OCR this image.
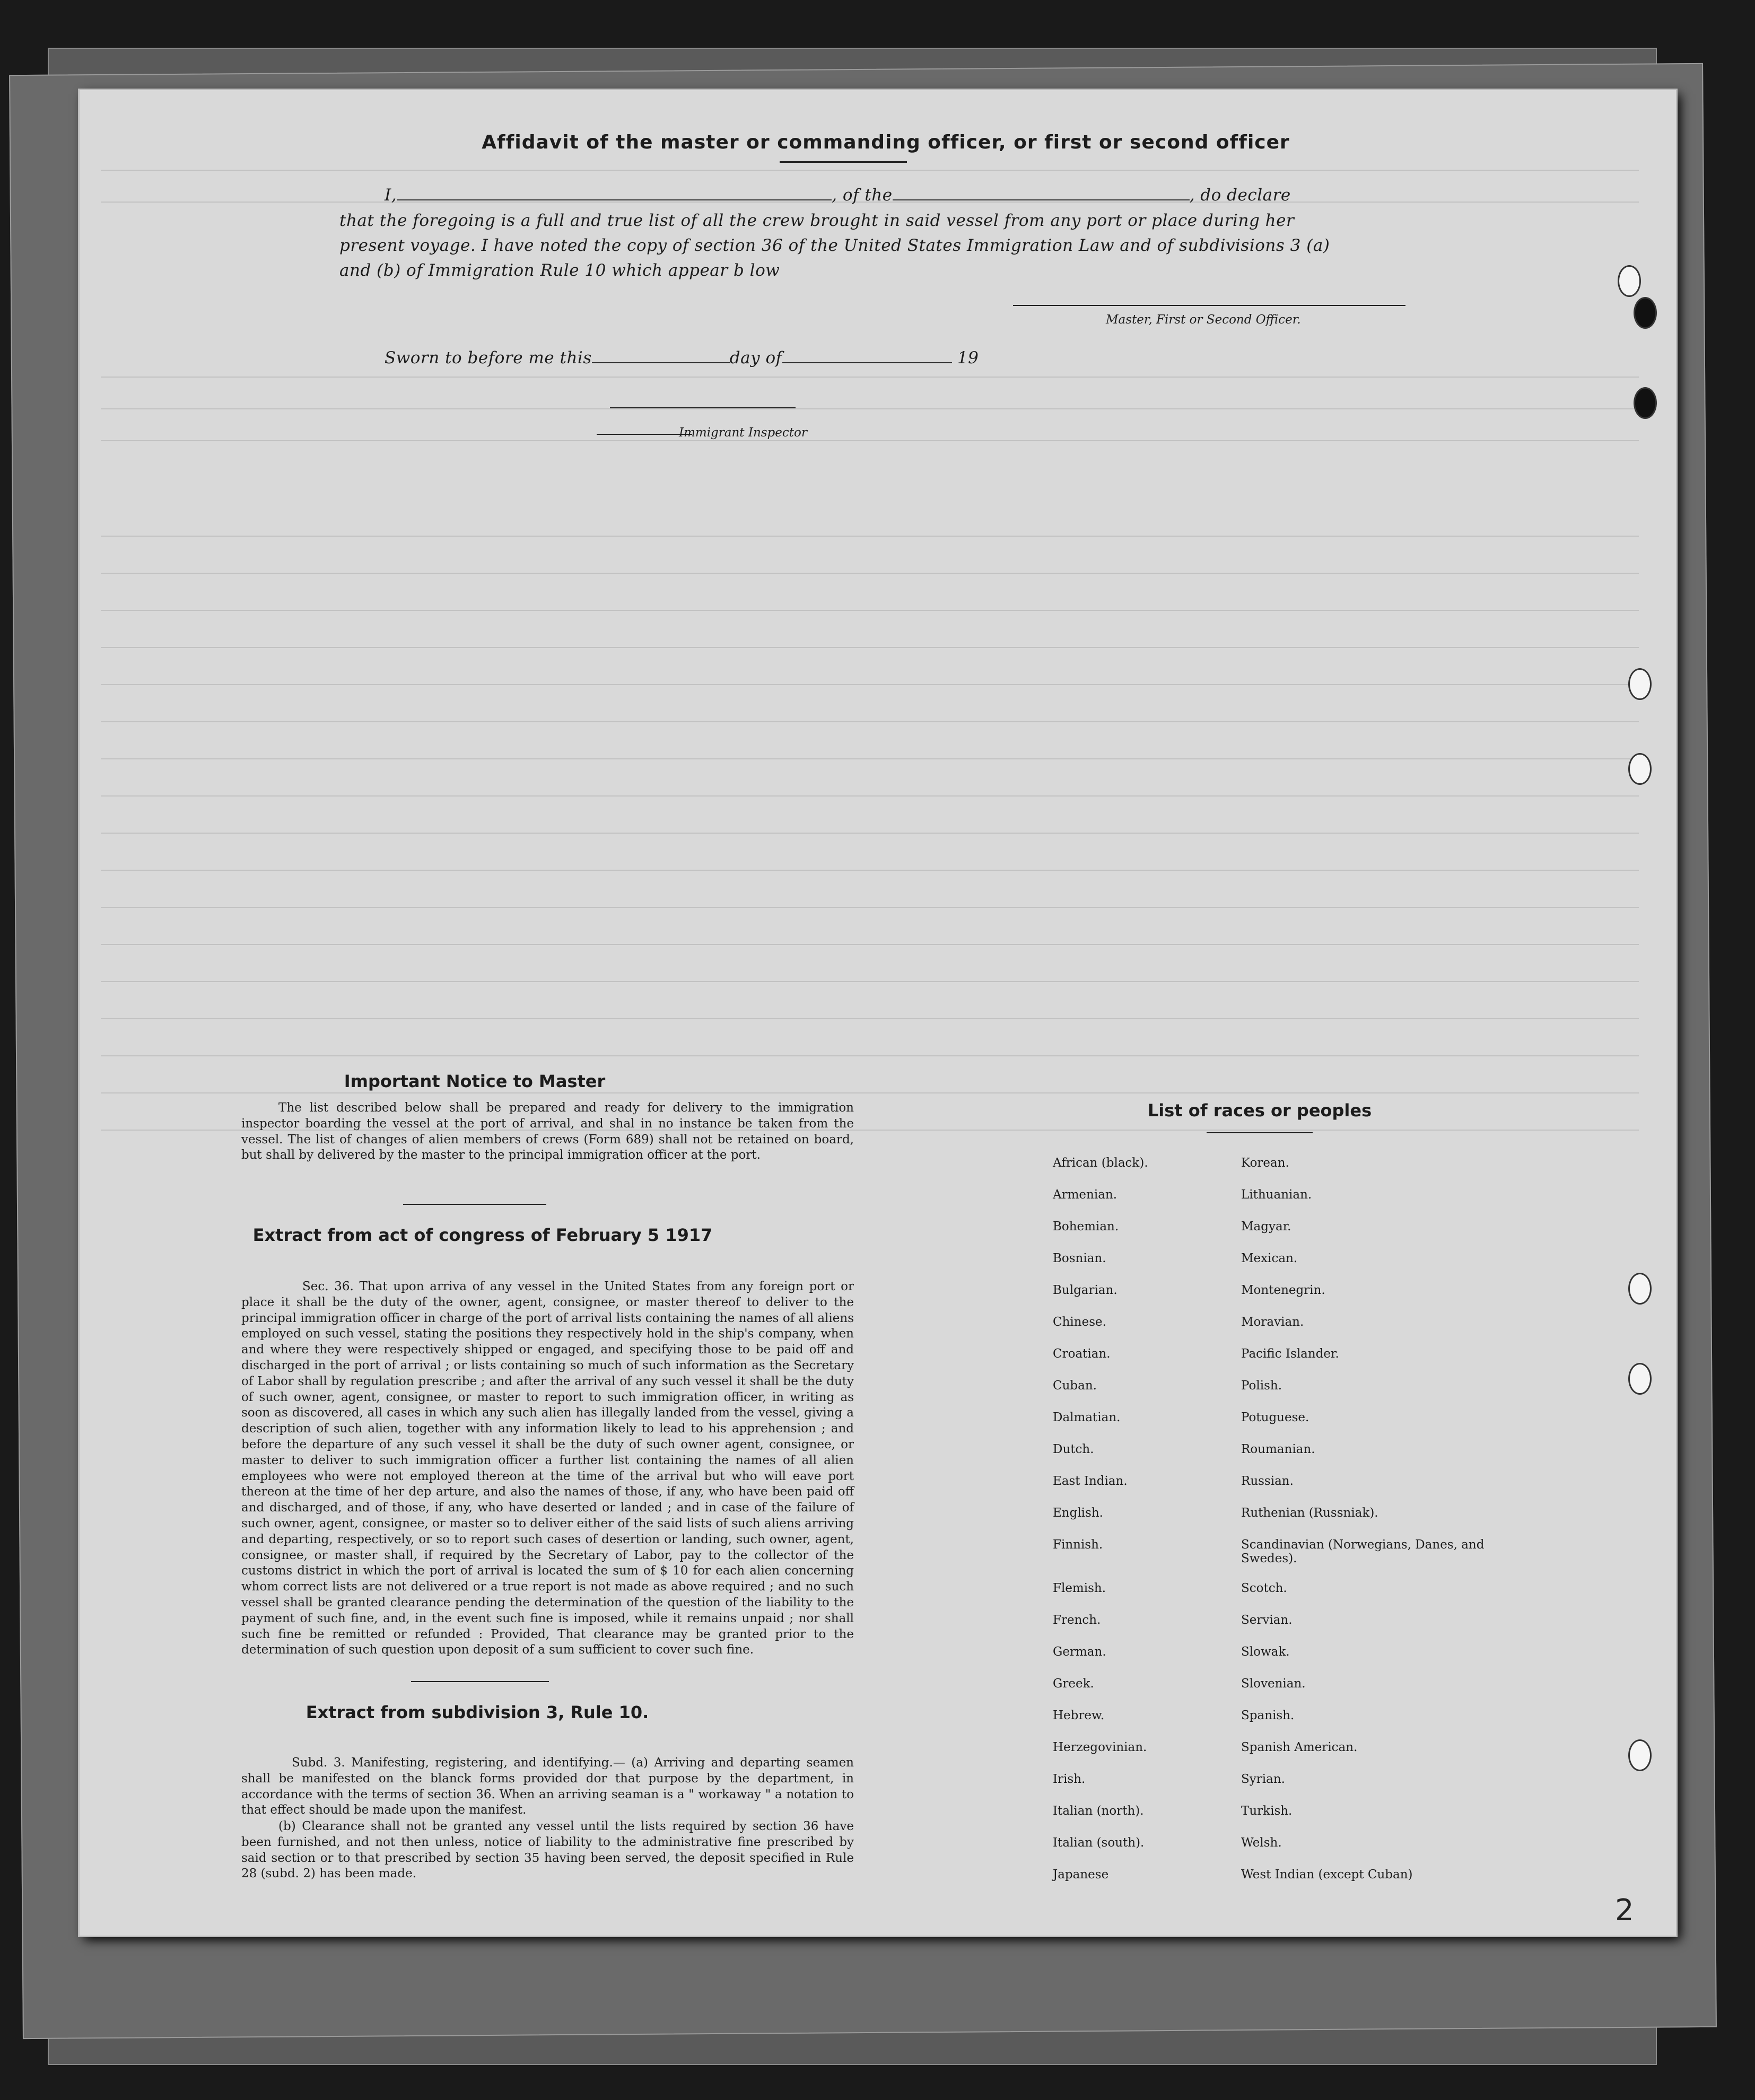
Affidavit of the master or commanding officer, or first or second officer
I,	, of the	, do declare
that the foregoing is a full and true list of all the crew brought in said vessel from any port or place during her
present voyage. I have noted the copy of section 36 of the United States Immigration Law and of subdivisions 3 (a)
and (b) of Immigration Rule 10 which appear b low
Master, First or Second Officer.
Sworn to before me this	day of	19
Immigrant Inspector
Important Notice to Master

The list described below shall be prepared and ready for delivery to the immigration inspector boarding the vessel at the port of arrival, and shal in no instance be taken from the vessel. The list of changes of alien members of crews (Form 689) shall not be retained on board, but shall by delivered by the master to the principal immigration officer at the port.

Extract from act of congress of February 5 1917

Sec. 36. That upon arriva of any vessel in the United States from any foreign port or place it shall be the duty of the owner, agent, consignee, or master thereof to deliver to the principal immigration officer in charge of the port of arrival lists containing the names of all aliens employed on such vessel, stating the positions they respectively hold in the ship's company, when and where they were respectively shipped or engaged, and specifying those to be paid off and discharged in the port of arrival ; or lists containing so much of such information as the Secretary of Labor shall by regulation prescribe ; and after the arrival of any such vessel it shall be the duty of such owner, agent, consignee, or master to report to such immigration officer, in writing as soon as discovered, all cases in which any such alien has illegally landed from the vessel, giving a description of such alien, together with any information likely to lead to his apprehension ; and before the departure of any such vessel it shall be the duty of such owner agent, consignee, or master to deliver to such immigration officer a further list containing the names of all alien employees who were not employed thereon at the time of the arrival but who will eave port thereon at the time of her dep arture, and also the names of those, if any, who have been paid off and discharged, and of those, if any, who have deserted or landed ; and in case of the failure of such owner, agent, consignee, or master so to deliver either of the said lists of such aliens arriving and departing, respectively, or so to report such cases of desertion or landing, such owner, agent, consignee, or master shall, if required by the Secretary of Labor, pay to the collector of the customs district in which the port of arrival is located the sum of $ 10 for each alien concerning whom correct lists are not delivered or a true report is not made as above required ; and no such vessel shall be granted clearance pending the determination of the question of the liability to the payment of such fine, and, in the event such fine is imposed, while it remains unpaid ; nor shall such fine be remitted or refunded : Provided, That clearance may be granted prior to the determination of such question upon deposit of a sum sufficient to cover such fine.

Extract from subdivision 3, Rule 10.

Subd. 3. Manifesting, registering, and identifying.— (a) Arriving and departing seamen shall be manifested on the blanck forms provided dor that purpose by the department, in accordance with the terms of section 36. When an arriving seaman is a " workaway " a notation to that effect should be made upon the manifest.

(b) Clearance shall not be granted any vessel until the lists required by section 36 have been furnished, and not then unless, notice of liability to the administrative fine prescribed by said section or to that prescribed by section 35 having been served, the deposit specified in Rule 28 (subd. 2) has been made.

List of races or peoples
African (black).	Korean.
Armenian.	Lithuanian.
Bohemian.	Magyar.
Bosnian.	Mexican.
Bulgarian.	Montenegrin.
Chinese.	Moravian.
Croatian.	Pacific Islander.
Cuban.	Polish.
Dalmatian.	Potuguese.
Dutch.	Roumanian.
East Indian.	Russian.
English.	Ruthenian (Russniak).
Finnish.	Scandinavian (Norwegians, Danes, and Swedes).
Flemish.	Scotch.
French.	Servian.
German.	Slowak.
Greek.	Slovenian.
Hebrew.	Spanish.
Herzegovinian.	Spanish American.
Irish.	Syrian.
Italian (north).	Turkish.
Italian (south).	Welsh.
Japanese	West Indian (except Cuban)
2
